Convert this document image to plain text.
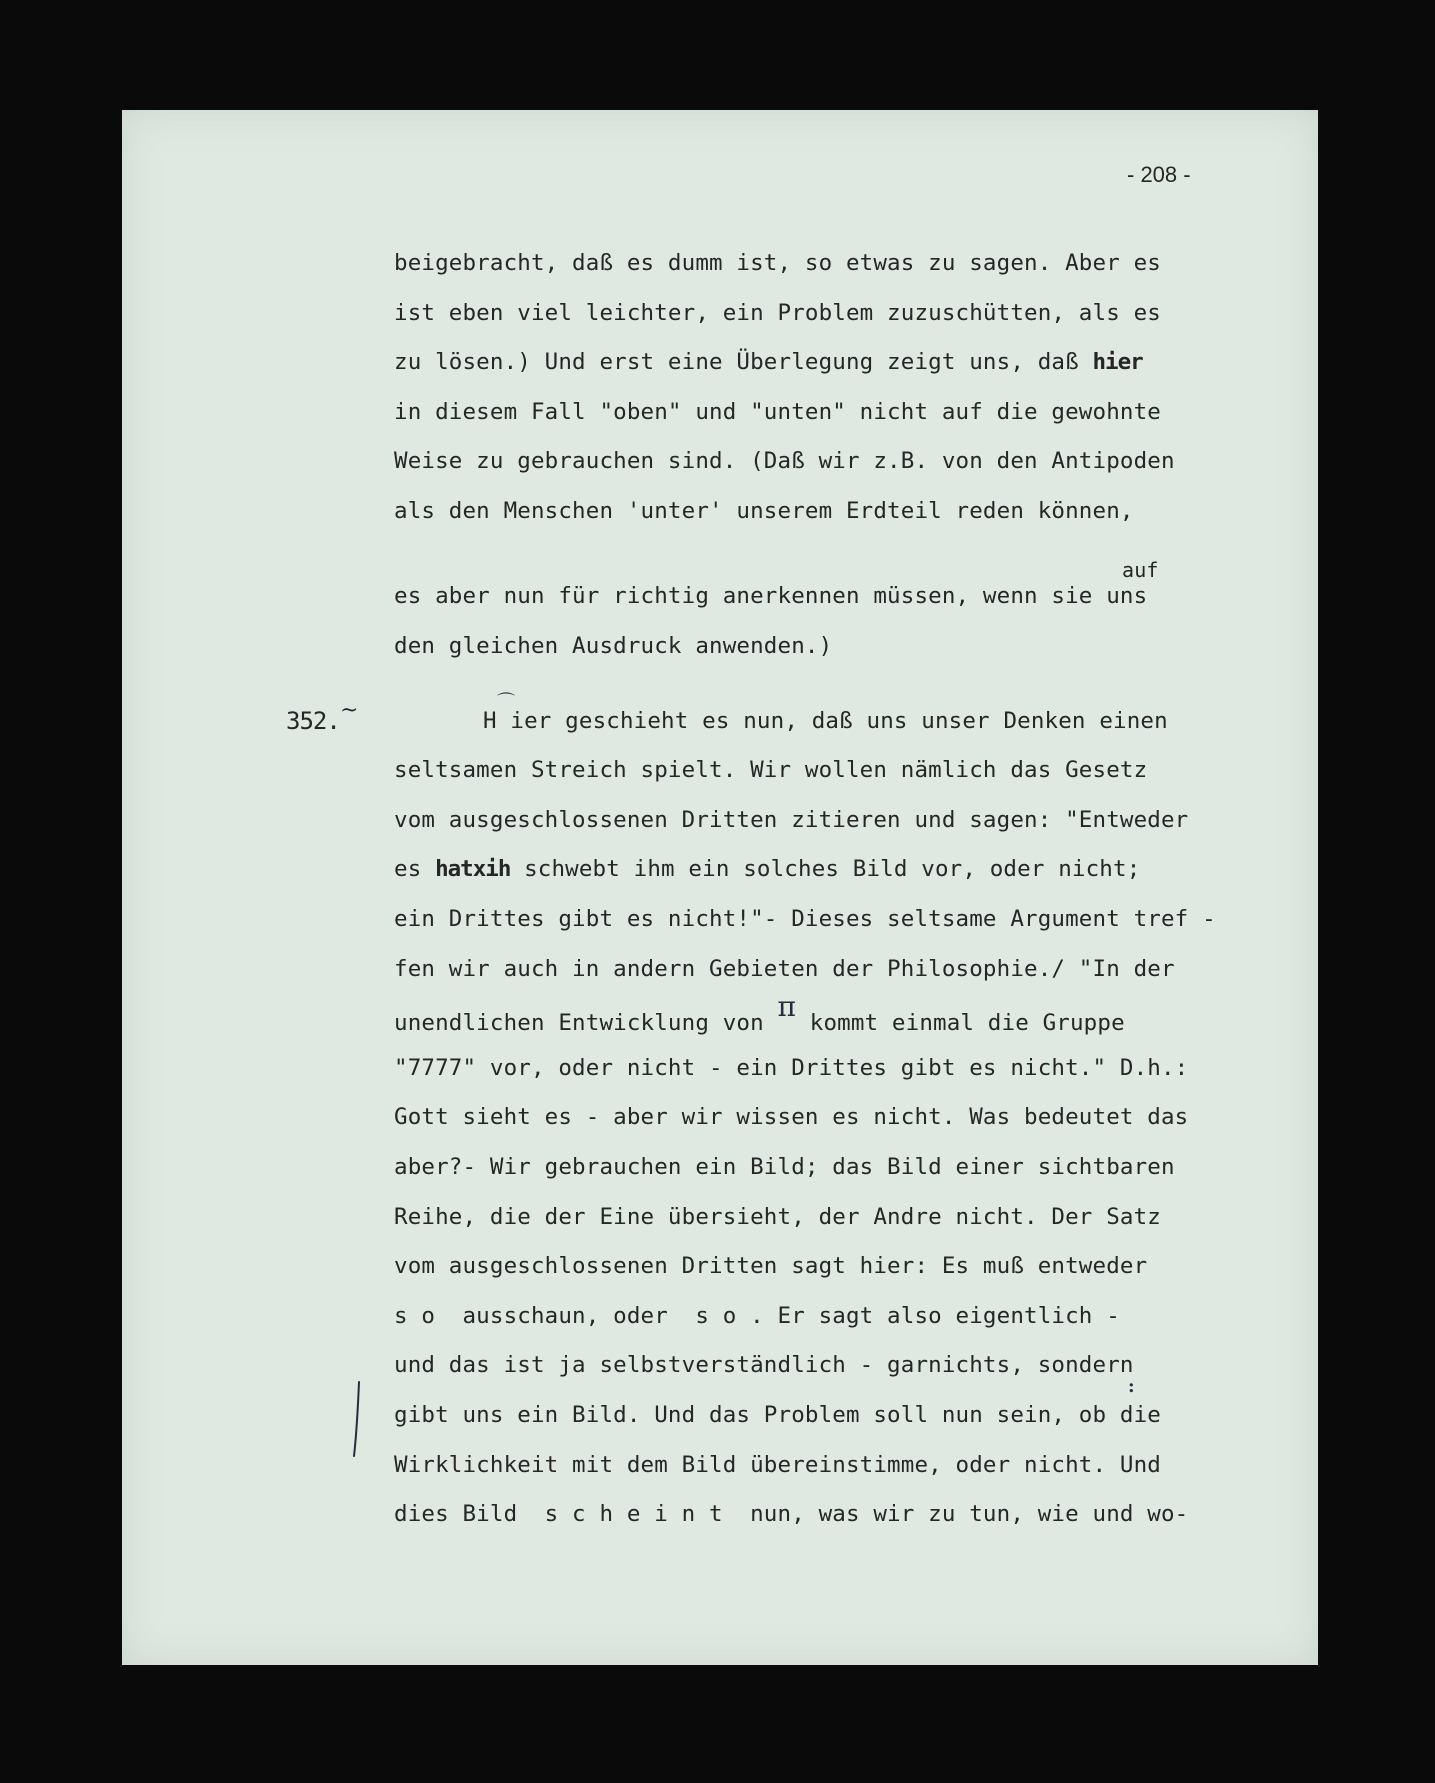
- 208 -
beigebracht, daß es dumm ist, so etwas zu sagen. Aber es
ist eben viel leichter, ein Problem zuzuschütten, als es
zu lösen.) Und erst eine Überlegung zeigt uns, daß hier
in diesem Fall "oben" und "unten" nicht auf die gewohnte
Weise zu gebrauchen sind. (Daß wir z.B. von den Antipoden
als den Menschen 'unter' unserem Erdteil reden können,
auf
es aber nun für richtig anerkennen müssen, wenn sie uns
den gleichen Ausdruck anwenden.)
352. ~	⌒
H ier geschieht es nun, daß uns unser Denken einen
seltsamen Streich spielt. Wir wollen nämlich das Gesetz
vom ausgeschlossenen Dritten zitieren und sagen: "Entweder
es hatxih schwebt ihm ein solches Bild vor, oder nicht;
ein Drittes gibt es nicht!"- Dieses seltsame Argument tref -
fen wir auch in andern Gebieten der Philosophie./ "In der
unendlichen Entwicklung von π kommt einmal die Gruppe
"7777" vor, oder nicht - ein Drittes gibt es nicht." D.h.:
Gott sieht es - aber wir wissen es nicht. Was bedeutet das
aber?- Wir gebrauchen ein Bild; das Bild einer sichtbaren
Reihe, die der Eine übersieht, der Andre nicht. Der Satz
vom ausgeschlossenen Dritten sagt hier: Es muß entweder
s o  ausschaun, oder  s o . Er sagt also eigentlich -
und das ist ja selbstverständlich - garnichts, sondern
:
gibt uns ein Bild. Und das Problem soll nun sein, ob die
Wirklichkeit mit dem Bild übereinstimme, oder nicht. Und
dies Bild  s c h e i n t  nun, was wir zu tun, wie und wo-
